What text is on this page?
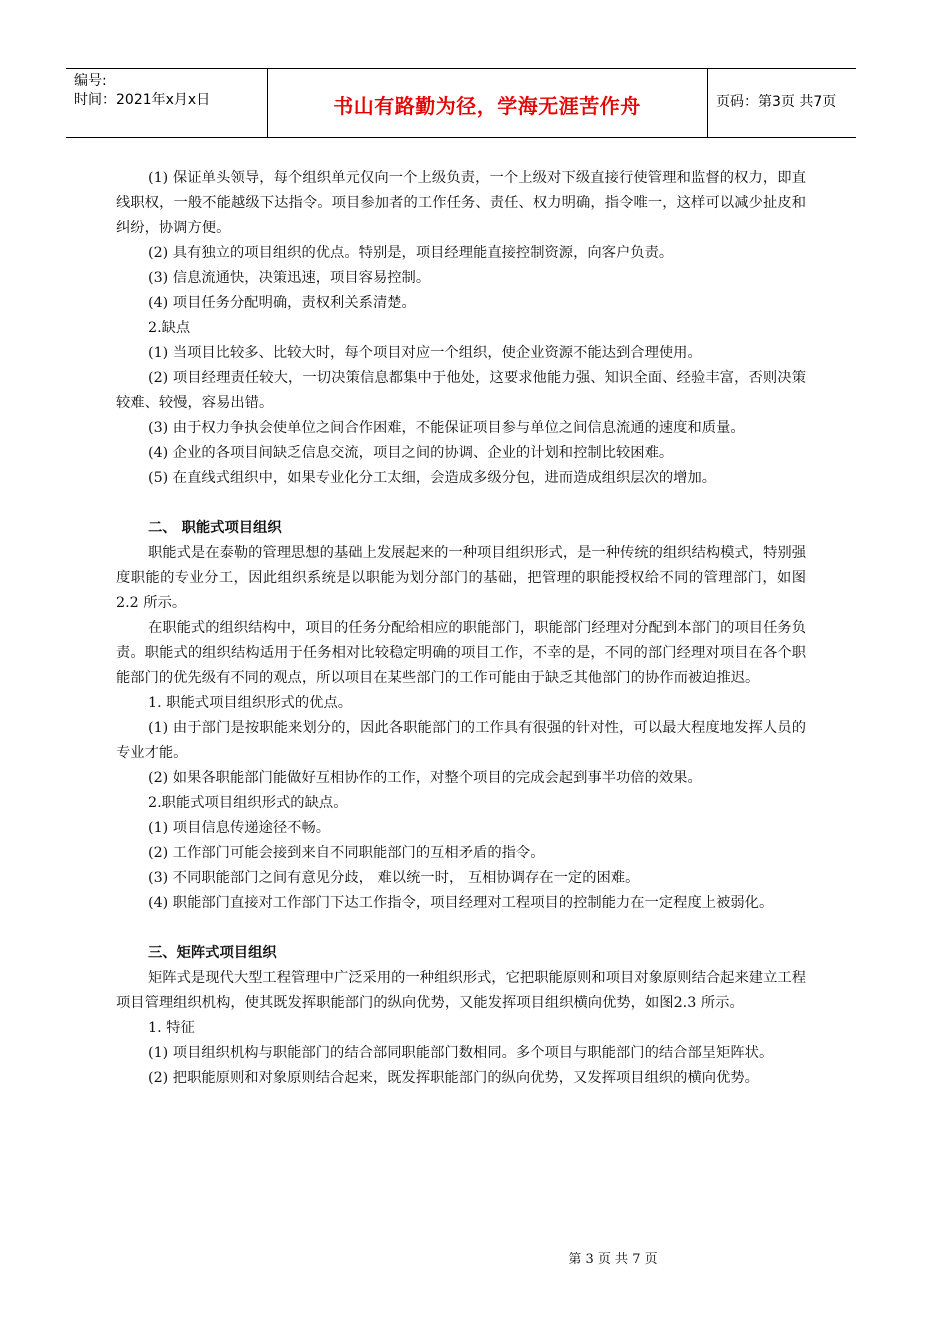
编号:
时间：2021年x月x日	书山有路勤为径，学海无涯苦作舟	页码：第3页 共7页

(1) 保证单头领导，每个组织单元仅向一个上级负责，一个上级对下级直接行使管理和监督的权力，即直线职权，一般不能越级下达指令。项目参加者的工作任务、责任、权力明确，指令唯一，这样可以减少扯皮和纠纷，协调方便。

(2) 具有独立的项目组织的优点。特别是，项目经理能直接控制资源，向客户负责。

(3) 信息流通快，决策迅速，项目容易控制。

(4) 项目任务分配明确，责权利关系清楚。

2.缺点

(1) 当项目比较多、比较大时，每个项目对应一个组织，使企业资源不能达到合理使用。

(2) 项目经理责任较大，一切决策信息都集中于他处，这要求他能力强、知识全面、经验丰富，否则决策较难、较慢，容易出错。

(3) 由于权力争执会使单位之间合作困难，不能保证项目参与单位之间信息流通的速度和质量。

(4) 企业的各项目间缺乏信息交流，项目之间的协调、企业的计划和控制比较困难。

(5) 在直线式组织中，如果专业化分工太细，会造成多级分包，进而造成组织层次的增加。

二、 职能式项目组织

职能式是在泰勒的管理思想的基础上发展起来的一种项目组织形式，是一种传统的组织结构模式，特别强度职能的专业分工，因此组织系统是以职能为划分部门的基础，把管理的职能授权给不同的管理部门，如图2.2 所示。

在职能式的组织结构中，项目的任务分配给相应的职能部门，职能部门经理对分配到本部门的项目任务负责。职能式的组织结构适用于任务相对比较稳定明确的项目工作，不幸的是，不同的部门经理对项目在各个职能部门的优先级有不同的观点，所以项目在某些部门的工作可能由于缺乏其他部门的协作而被迫推迟。

1. 职能式项目组织形式的优点。

(1) 由于部门是按职能来划分的，因此各职能部门的工作具有很强的针对性，可以最大程度地发挥人员的专业才能。

(2) 如果各职能部门能做好互相协作的工作，对整个项目的完成会起到事半功倍的效果。

2.职能式项目组织形式的缺点。

(1) 项目信息传递途径不畅。

(2) 工作部门可能会接到来自不同职能部门的互相矛盾的指令。

(3) 不同职能部门之间有意见分歧， 难以统一时， 互相协调存在一定的困难。

(4) 职能部门直接对工作部门下达工作指令，项目经理对工程项目的控制能力在一定程度上被弱化。

三、矩阵式项目组织

矩阵式是现代大型工程管理中广泛采用的一种组织形式，它把职能原则和项目对象原则结合起来建立工程项目管理组织机构，使其既发挥职能部门的纵向优势，又能发挥项目组织横向优势，如图2.3 所示。

1. 特征

(1) 项目组织机构与职能部门的结合部同职能部门数相同。多个项目与职能部门的结合部呈矩阵状。

(2) 把职能原则和对象原则结合起来，既发挥职能部门的纵向优势，又发挥项目组织的横向优势。

第 3 页 共 7 页
